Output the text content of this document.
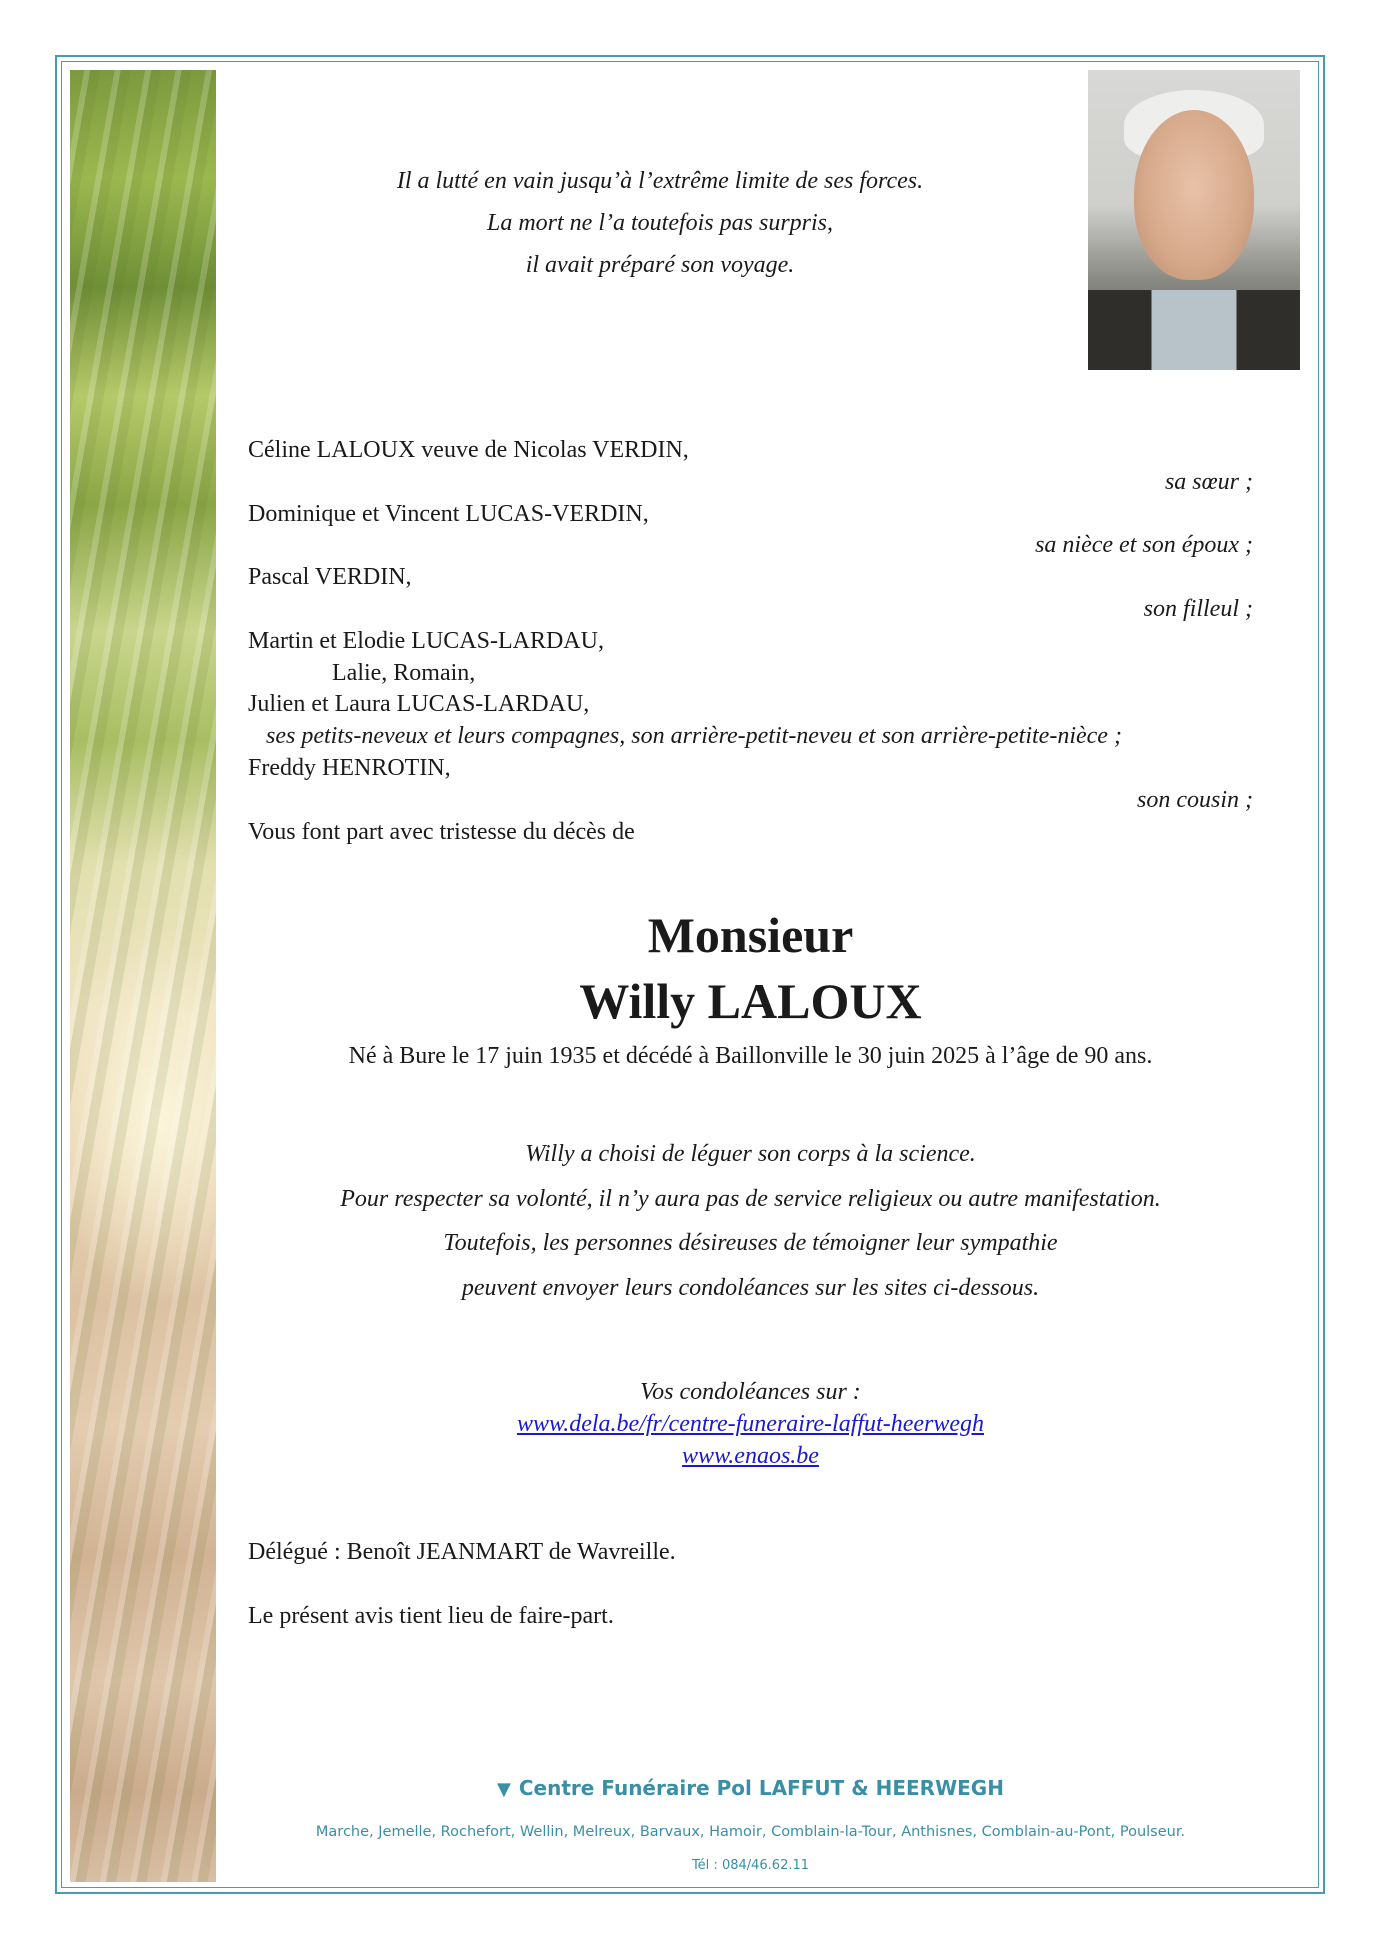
Il a lutté en vain jusqu’à l’extrême limite de ses forces.
La mort ne l’a toutefois pas surpris,
il avait préparé son voyage.
Céline LALOUX veuve de Nicolas VERDIN,
sa sœur ;
Dominique et Vincent LUCAS-VERDIN,
sa nièce et son époux ;
Pascal VERDIN,
son filleul ;
Martin et Elodie LUCAS-LARDAU,
Lalie, Romain,
Julien et Laura LUCAS-LARDAU,
ses petits-neveux et leurs compagnes, son arrière-petit-neveu et son arrière-petite-nièce ;
Freddy HENROTIN,
son cousin ;
Vous font part avec tristesse du décès de
Monsieur
Willy LALOUX
Né à Bure le 17 juin 1935 et décédé à Baillonville le 30 juin 2025 à l’âge de 90 ans.
Willy a choisi de léguer son corps à la science.
Pour respecter sa volonté, il n’y aura pas de service religieux ou autre manifestation.
Toutefois, les personnes désireuses de témoigner leur sympathie
peuvent envoyer leurs condoléances sur les sites ci-dessous.
Vos condoléances sur :
www.dela.be/fr/centre-funeraire-laffut-heerwegh
www.enaos.be
Délégué : Benoît JEANMART de Wavreille.
Le présent avis tient lieu de faire-part.
▼ Centre Funéraire Pol LAFFUT & HEERWEGH
Marche, Jemelle, Rochefort, Wellin, Melreux, Barvaux, Hamoir, Comblain-la-Tour, Anthisnes, Comblain-au-Pont, Poulseur.
Tél : 084/46.62.11
